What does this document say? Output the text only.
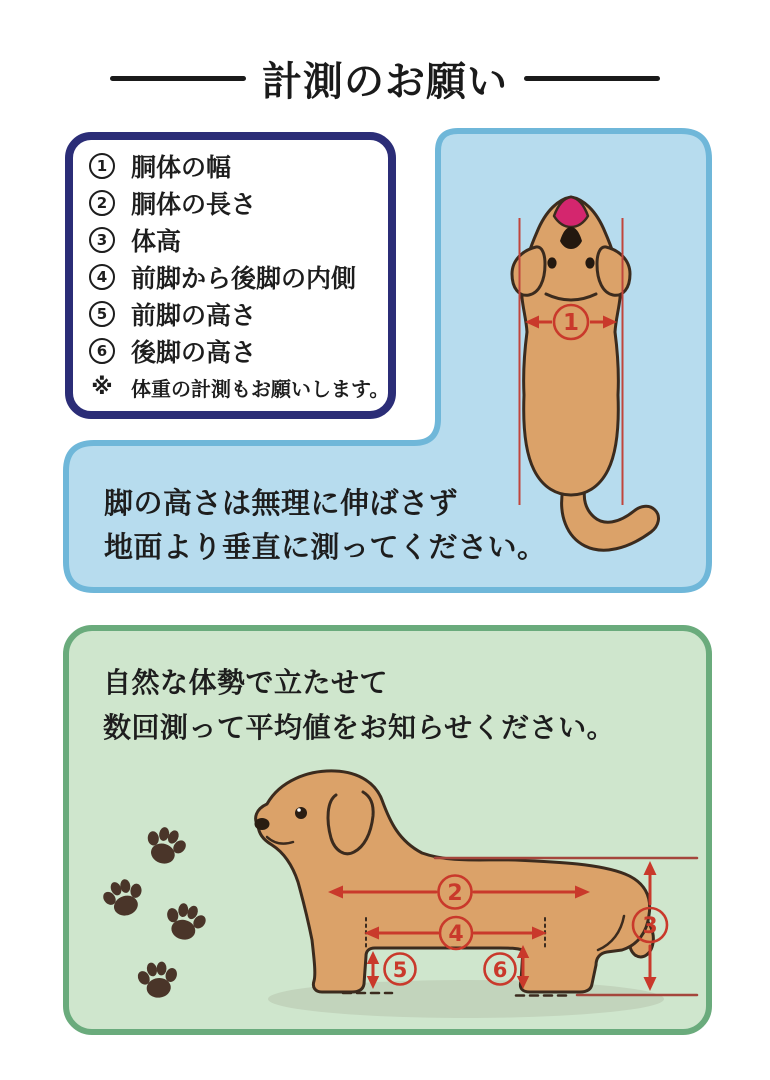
1
2
4
5	6
3
計測のお願い
1 胴体の幅
2 胴体の長さ
3 体高
4 前脚から後脚の内側
5 前脚の高さ
6 後脚の高さ
※ 体重の計測もお願いします。
脚の高さは無理に伸ばさず
地面より垂直に測ってください。
自然な体勢で立たせて
数回測って平均値をお知らせください。
